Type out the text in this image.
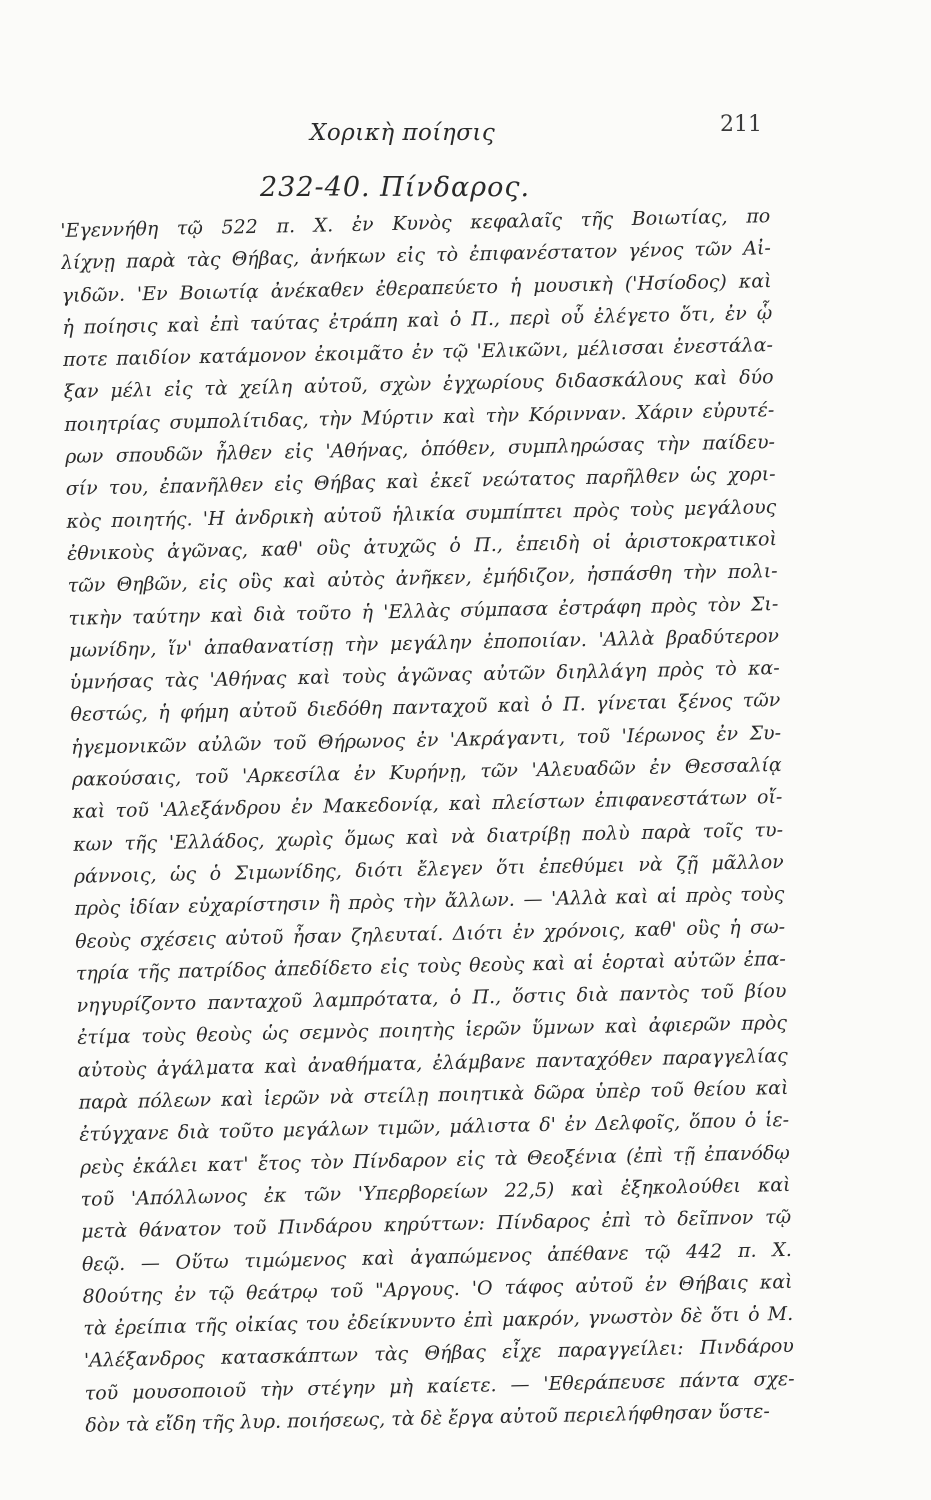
Χορικὴ ποίησις	211
232-40. Πίνδαρος.
'Εγεννήθη τῷ 522 π. Χ. ἐν Κυνὸς κεφαλαῖς τῆς Βοιωτίας, πο
λίχνῃ παρὰ τὰς Θήβας, ἀνήκων εἰς τὸ ἐπιφανέστατον γένος τῶν Αἰ-
γιδῶν. 'Εν Βοιωτίᾳ ἀνέκαθεν ἐθεραπεύετο ἡ μουσικὴ ('Ησίοδος) καὶ
ἡ ποίησις καὶ ἐπὶ ταύτας ἐτράπη καὶ ὁ Π., περὶ οὗ ἐλέγετο ὅτι, ἐν ᾧ
ποτε παιδίον κατάμονον ἐκοιμᾶτο ἐν τῷ 'Ελικῶνι, μέλισσαι ἐνεστάλα-
ξαν μέλι εἰς τὰ χείλη αὐτοῦ, σχὼν ἐγχωρίους διδασκάλους καὶ δύο
ποιητρίας συμπολίτιδας, τὴν Μύρτιν καὶ τὴν Κόρινναν. Χάριν εὐρυτέ-
ρων σπουδῶν ἦλθεν εἰς 'Αθήνας, ὁπόθεν, συμπληρώσας τὴν παίδευ-
σίν του, ἐπανῆλθεν εἰς Θήβας καὶ ἐκεῖ νεώτατος παρῆλθεν ὡς χορι-
κὸς ποιητής. 'Η ἀνδρικὴ αὐτοῦ ἡλικία συμπίπτει πρὸς τοὺς μεγάλους
ἐθνικοὺς ἀγῶνας, καθ' οὓς ἀτυχῶς ὁ Π., ἐπειδὴ οἱ ἀριστοκρατικοὶ
τῶν Θηβῶν, εἰς οὓς καὶ αὐτὸς ἀνῆκεν, ἐμήδιζον, ἠσπάσθη τὴν πολι-
τικὴν ταύτην καὶ διὰ τοῦτο ἡ 'Ελλὰς σύμπασα ἐστράφη πρὸς τὸν Σι-
μωνίδην, ἵν' ἀπαθανατίσῃ τὴν μεγάλην ἐποποιίαν. 'Αλλὰ βραδύτερον
ὑμνήσας τὰς 'Αθήνας καὶ τοὺς ἀγῶνας αὐτῶν διηλλάγη πρὸς τὸ κα-
θεστώς, ἡ φήμη αὐτοῦ διεδόθη πανταχοῦ καὶ ὁ Π. γίνεται ξένος τῶν
ἡγεμονικῶν αὐλῶν τοῦ Θήρωνος ἐν 'Ακράγαντι, τοῦ 'Ιέρωνος ἐν Συ-
ρακούσαις, τοῦ 'Αρκεσίλα ἐν Κυρήνῃ, τῶν 'Αλευαδῶν ἐν Θεσσαλίᾳ
καὶ τοῦ 'Αλεξάνδρου ἐν Μακεδονίᾳ, καὶ πλείστων ἐπιφανεστάτων οἴ-
κων τῆς 'Ελλάδος, χωρὶς ὅμως καὶ νὰ διατρίβῃ πολὺ παρὰ τοῖς τυ-
ράννοις, ὡς ὁ Σιμωνίδης, διότι ἔλεγεν ὅτι ἐπεθύμει νὰ ζῇ μᾶλλον
πρὸς ἰδίαν εὐχαρίστησιν ἢ πρὸς τὴν ἄλλων. — 'Αλλὰ καὶ αἱ πρὸς τοὺς
θεοὺς σχέσεις αὐτοῦ ἦσαν ζηλευταί. Διότι ἐν χρόνοις, καθ' οὓς ἡ σω-
τηρία τῆς πατρίδος ἀπεδίδετο εἰς τοὺς θεοὺς καὶ αἱ ἑορταὶ αὐτῶν ἐπα-
νηγυρίζοντο πανταχοῦ λαμπρότατα, ὁ Π., ὅστις διὰ παντὸς τοῦ βίου
ἐτίμα τοὺς θεοὺς ὡς σεμνὸς ποιητὴς ἱερῶν ὕμνων καὶ ἀφιερῶν πρὸς
αὐτοὺς ἀγάλματα καὶ ἀναθήματα, ἐλάμβανε πανταχόθεν παραγγελίας
παρὰ πόλεων καὶ ἱερῶν νὰ στείλῃ ποιητικὰ δῶρα ὑπὲρ τοῦ θείου καὶ
ἐτύγχανε διὰ τοῦτο μεγάλων τιμῶν, μάλιστα δ' ἐν Δελφοῖς, ὅπου ὁ ἱε-
ρεὺς ἐκάλει κατ' ἔτος τὸν Πίνδαρον εἰς τὰ Θεοξένια (ἐπὶ τῇ ἐπανόδῳ
τοῦ 'Απόλλωνος ἐκ τῶν 'Υπερβορείων 22,5) καὶ ἐξηκολούθει καὶ
μετὰ θάνατον τοῦ Πινδάρου κηρύττων: Πίνδαρος ἐπὶ τὸ δεῖπνον τῷ
θεῷ. — Οὕτω τιμώμενος καὶ ἀγαπώμενος ἀπέθανε τῷ 442 π. Χ.
80ούτης ἐν τῷ θεάτρῳ τοῦ "Αργους. 'Ο τάφος αὐτοῦ ἐν Θήβαις καὶ
τὰ ἐρείπια τῆς οἰκίας του ἐδείκνυντο ἐπὶ μακρόν, γνωστὸν δὲ ὅτι ὁ Μ.
'Αλέξανδρος κατασκάπτων τὰς Θήβας εἶχε παραγγείλει: Πινδάρου
τοῦ μουσοποιοῦ τὴν στέγην μὴ καίετε. — 'Εθεράπευσε πάντα σχε-
δὸν τὰ εἴδη τῆς λυρ. ποιήσεως, τὰ δὲ ἔργα αὐτοῦ περιελήφθησαν ὕστε-
